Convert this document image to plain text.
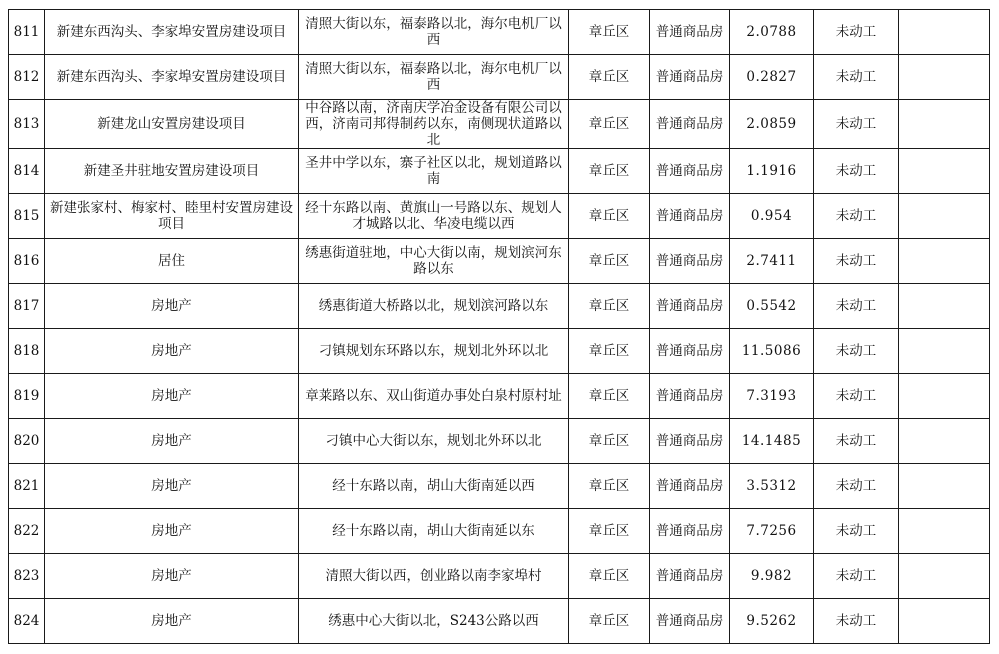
811	新建东西沟头、李家埠安置房建设项目	清照大街以东，福泰路以北，海尔电机厂以西	章丘区	普通商品房	2.0788	未动工	
812	新建东西沟头、李家埠安置房建设项目	清照大街以东，福泰路以北，海尔电机厂以西	章丘区	普通商品房	0.2827	未动工	
813	新建龙山安置房建设项目	中谷路以南，济南庆学冶金设备有限公司以西，济南司邦得制药以东，南侧现状道路以北	章丘区	普通商品房	2.0859	未动工	
814	新建圣井驻地安置房建设项目	圣井中学以东，寨子社区以北，规划道路以南	章丘区	普通商品房	1.1916	未动工	
815	新建张家村、梅家村、睦里村安置房建设项目	经十东路以南、黄旗山一号路以东、规划人才城路以北、华凌电缆以西	章丘区	普通商品房	0.954	未动工	
816	居住	绣惠街道驻地，中心大街以南，规划滨河东路以东	章丘区	普通商品房	2.7411	未动工	
817	房地产	绣惠街道大桥路以北，规划滨河路以东	章丘区	普通商品房	0.5542	未动工	
818	房地产	刁镇规划东环路以东，规划北外环以北	章丘区	普通商品房	11.5086	未动工	
819	房地产	章莱路以东、双山街道办事处白泉村原村址	章丘区	普通商品房	7.3193	未动工	
820	房地产	刁镇中心大街以东，规划北外环以北	章丘区	普通商品房	14.1485	未动工	
821	房地产	经十东路以南，胡山大街南延以西	章丘区	普通商品房	3.5312	未动工	
822	房地产	经十东路以南，胡山大街南延以东	章丘区	普通商品房	7.7256	未动工	
823	房地产	清照大街以西，创业路以南李家埠村	章丘区	普通商品房	9.982	未动工	
824	房地产	绣惠中心大街以北，S243公路以西	章丘区	普通商品房	9.5262	未动工	
